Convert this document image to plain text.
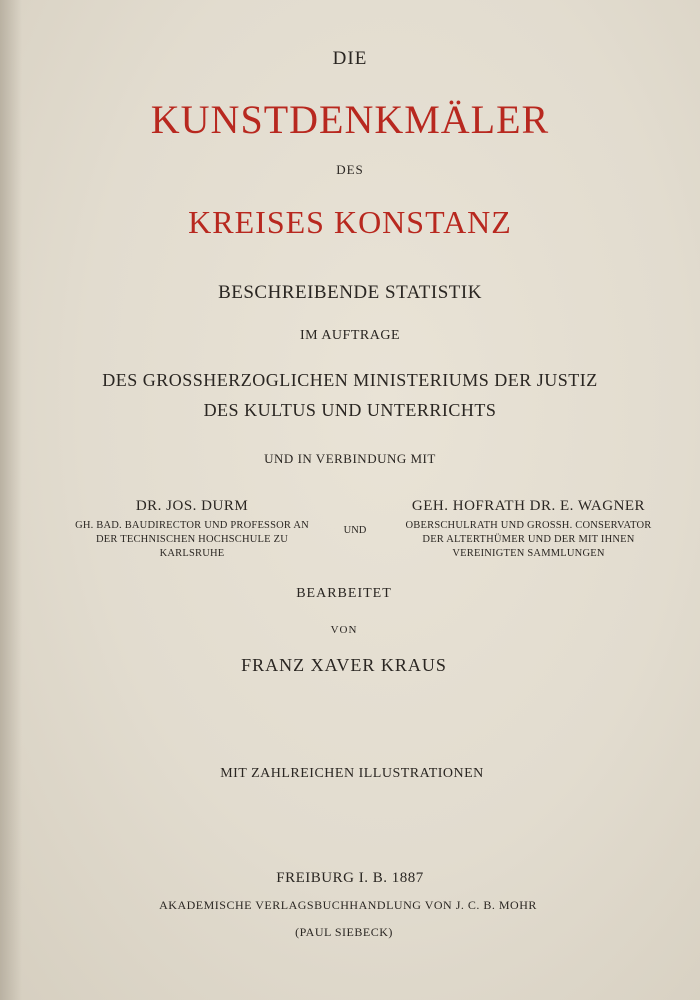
DIE
KUNSTDENKMÄLER
DES
KREISES KONSTANZ
BESCHREIBENDE STATISTIK
IM AUFTRAGE
DES GROSSHERZOGLICHEN MINISTERIUMS DER JUSTIZ
DES KULTUS UND UNTERRICHTS
UND IN VERBINDUNG MIT
DR. JOS. DURM
GH. BAD. BAUDIRECTOR UND PROFESSOR AN
DER TECHNISCHEN HOCHSCHULE ZU
KARLSRUHE
UND
GEH. HOFRATH DR. E. WAGNER
OBERSCHULRATH UND GROSSH. CONSERVATOR
DER ALTERTHÜMER UND DER MIT IHNEN
VEREINIGTEN SAMMLUNGEN
BEARBEITET
VON
FRANZ XAVER KRAUS
MIT ZAHLREICHEN ILLUSTRATIONEN
FREIBURG I. B. 1887
AKADEMISCHE VERLAGSBUCHHANDLUNG VON J. C. B. MOHR
(PAUL SIEBECK)
